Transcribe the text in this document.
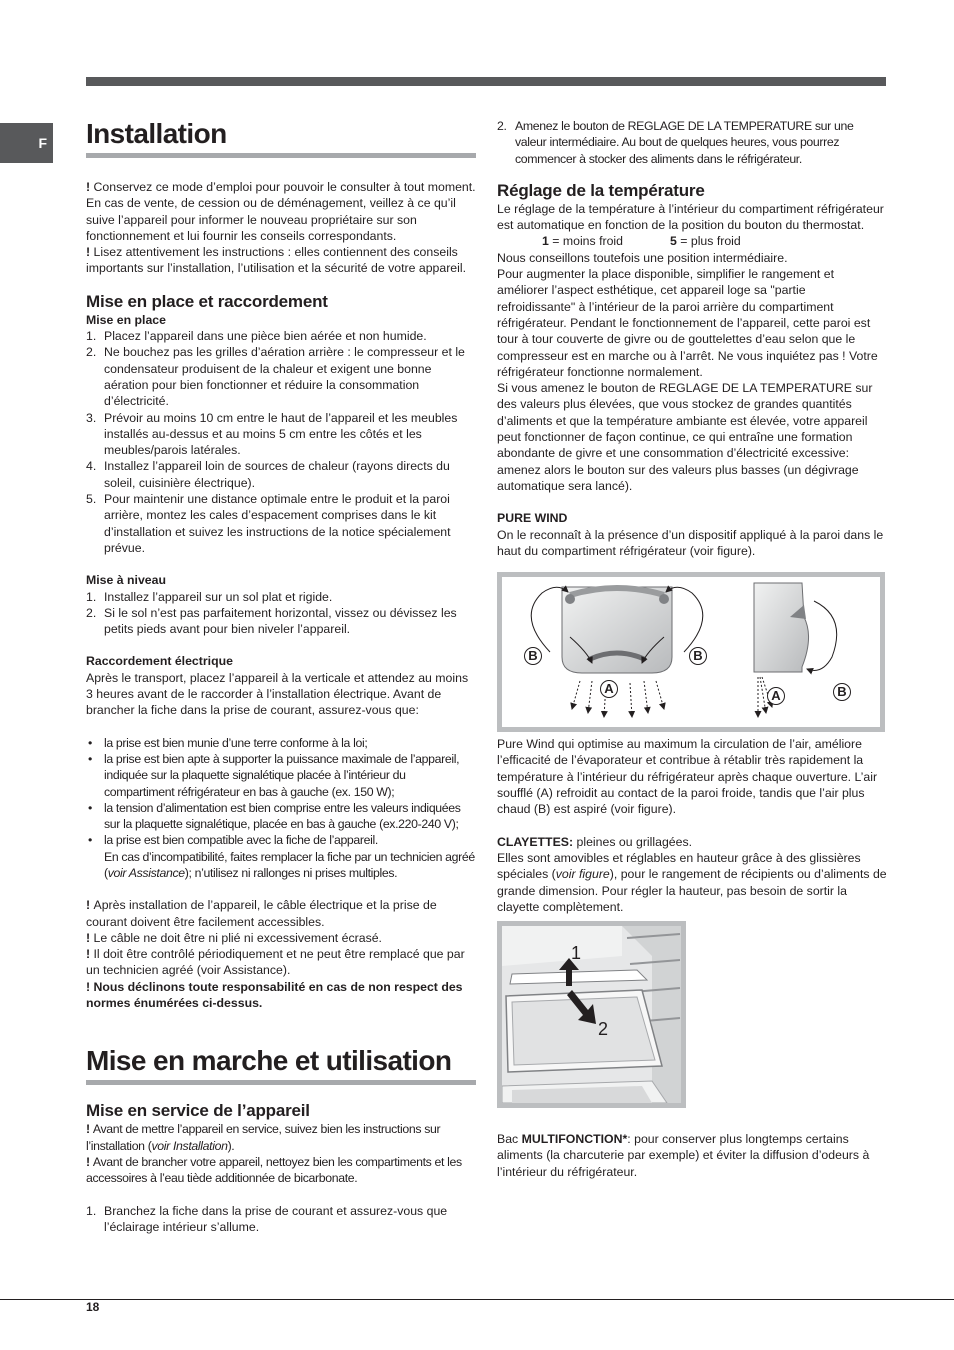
F Installation

! Conservez ce mode d’emploi pour pouvoir le consulter à tout moment. En cas de vente, de cession ou de déménagement, veillez à ce qu’il suive l’appareil pour informer le nouveau propriétaire sur son fonctionnement et lui fournir les conseils correspondants.

! Lisez attentivement les instructions : elles contiennent des conseils importants sur l’installation, l’utilisation et la sécurité de votre appareil.

Mise en place et raccordement
Mise en place
1. Placez l’appareil dans une pièce bien aérée et non humide.
2. Ne bouchez pas les grilles d’aération arrière : le compresseur et le condensateur produisent de la chaleur et exigent une bonne aération pour bien fonctionner et réduire la consommation d’électricité.
3. Prévoir au moins 10 cm entre le haut de l’appareil et les meubles installés au-dessus et au moins 5 cm entre les côtés et les meubles/parois latérales.
4. Installez l’appareil loin de sources de chaleur (rayons directs du soleil, cuisinière électrique).
5. Pour maintenir une distance optimale entre le produit et la paroi arrière, montez les cales d’espacement comprises dans le kit d’installation et suivez les instructions de la notice spécialement prévue.
Mise à niveau
1. Installez l’appareil sur un sol plat et rigide.
2. Si le sol n’est pas parfaitement horizontal, vissez ou dévissez les petits pieds avant pour bien niveler l’appareil.
Raccordement électrique

Après le transport, placez l’appareil à la verticale et attendez au moins 3 heures avant de le raccorder à l’installation électrique. Avant de brancher la fiche dans la prise de courant, assurez-vous que:

• la prise est bien munie d’une terre conforme à la loi;
• la prise est bien apte à supporter la puissance maximale de l’appareil, indiquée sur la plaquette signalétique placée à l’intérieur du compartiment réfrigérateur en bas à gauche (ex. 150 W);
• la tension d’alimentation est bien comprise entre les valeurs indiquées sur la plaquette signalétique, placée en bas à gauche (ex.220-240 V);
• la prise est bien compatible avec la fiche de l’appareil.
En cas d’incompatibilité, faites remplacer la fiche par un technicien agréé (voir Assistance); n’utilisez ni rallonges ni prises multiples.

! Après installation de l’appareil, le câble électrique et la prise de courant doivent être facilement accessibles.

! Le câble ne doit être ni plié ni excessivement écrasé.

! Il doit être contrôlé périodiquement et ne peut être remplacé que par un technicien agréé (voir Assistance).

! Nous déclinons toute responsabilité en cas de non respect des normes énumérées ci-dessus.

Mise en marche et utilisation
Mise en service de l’appareil

! Avant de mettre l’appareil en service, suivez bien les instructions sur l’installation (voir Installation).

! Avant de brancher votre appareil, nettoyez bien les compartiments et les accessoires à l’eau tiède additionnée de bicarbonate.

1. Branchez la fiche dans la prise de courant et assurez-vous que l’éclairage intérieur s’allume.
2. Amenez le bouton de REGLAGE DE LA TEMPERATURE sur une valeur intermédiaire. Au bout de quelques heures, vous pourrez commencer à stocker des aliments dans le réfrigérateur.
Réglage de la température

Le réglage de la température à l’intérieur du compartiment réfrigérateur est automatique en fonction de la position du bouton du thermostat.

1 = moins froid	5 = plus froid

Nous conseillons toutefois une position intermédiaire.

Pour augmenter la place disponible, simplifier le rangement et améliorer l’aspect esthétique, cet appareil loge sa "partie refroidissante" à l’intérieur de la paroi arrière du compartiment réfrigérateur. Pendant le fonctionnement de l’appareil, cette paroi est tour à tour couverte de givre ou de gouttelettes d’eau selon que le compresseur est en marche ou à l’arrêt. Ne vous inquiétez pas ! Votre réfrigérateur fonctionne normalement.

Si vous amenez le bouton de REGLAGE DE LA TEMPERATURE sur des valeurs plus élevées, que vous stockez de grandes quantités d’aliments et que la température ambiante est élevée, votre appareil peut fonctionner de façon continue, ce qui entraîne une formation abondante de givre et une consommation d’électricité excessive: amenez alors le bouton sur des valeurs plus basses (un dégivrage automatique sera lancé).

PURE WIND

On le reconnaît à la présence d’un dispositif appliqué à la paroi dans le haut du compartiment réfrigérateur (voir figure).

B	B
A	A	B

Pure Wind qui optimise au maximum la circulation de l’air, améliore l’efficacité de l’évaporateur et contribue à rétablir très rapidement la température à l’intérieur du réfrigérateur après chaque ouverture. L’air soufflé (A) refroidit au contact de la paroi froide, tandis que l’air plus chaud (B) est aspiré (voir figure).

CLAYETTES: pleines ou grillagées.

Elles sont amovibles et réglables en hauteur grâce à des glissières spéciales (voir figure), pour le rangement de récipients ou d’aliments de grande dimension. Pour régler la hauteur, pas besoin de sortir la clayette complètement.

1
2

Bac MULTIFONCTION*: pour conserver plus longtemps certains aliments (la charcuterie par exemple) et éviter la diffusion d’odeurs à l’intérieur du réfrigérateur.

18
